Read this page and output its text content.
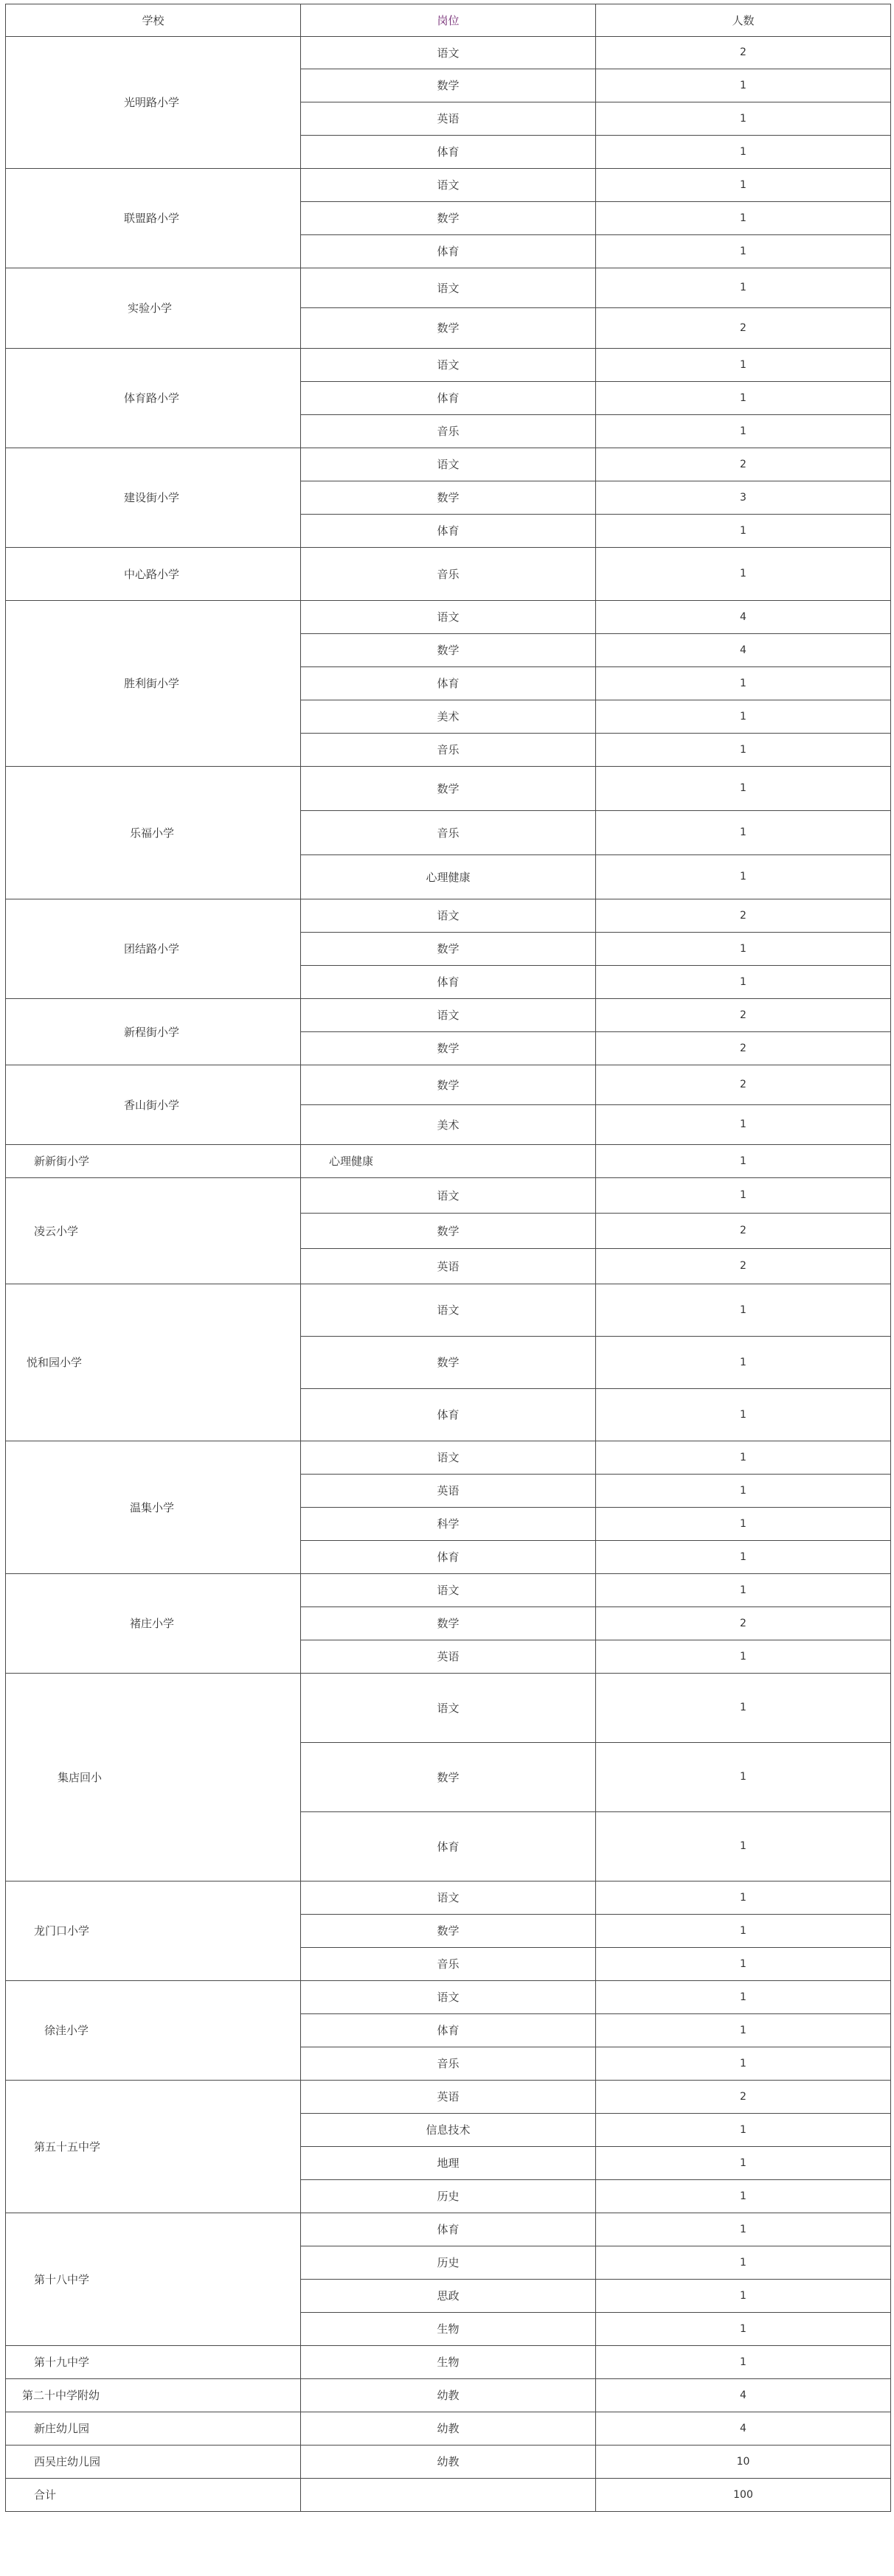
学校	岗位	人数
光明路小学	语文	2
	数学	1
	英语	1
	体育	1
联盟路小学	语文	1
	数学	1
	体育	1
实验小学	语文	1
	数学	2
体育路小学	语文	1
	体育	1
	音乐	1
建设街小学	语文	2
	数学	3
	体育	1
中心路小学	音乐	1
胜利街小学	语文	4
	数学	4
	体育	1
	美术	1
	音乐	1
乐福小学	数学	1
	音乐	1
	心理健康	1
团结路小学	语文	2
	数学	1
	体育	1
新程街小学	语文	2
	数学	2
香山街小学	数学	2
	美术	1
新新街小学	心理健康	1
凌云小学	语文	1
	数学	2
	英语	2
悦和园小学	语文	1
	数学	1
	体育	1
温集小学	语文	1
	英语	1
	科学	1
	体育	1
褚庄小学	语文	1
	数学	2
	英语	1
集店回小	语文	1
	数学	1
	体育	1
龙门口小学	语文	1
	数学	1
	音乐	1
徐洼小学	语文	1
	体育	1
	音乐	1
第五十五中学	英语	2
	信息技术	1
	地理	1
	历史	1
第十八中学	体育	1
	历史	1
	思政	1
	生物	1
第十九中学	生物	1
第二十中学附幼	幼教	4
新庄幼儿园	幼教	4
西吴庄幼儿园	幼教	10
合计		100
